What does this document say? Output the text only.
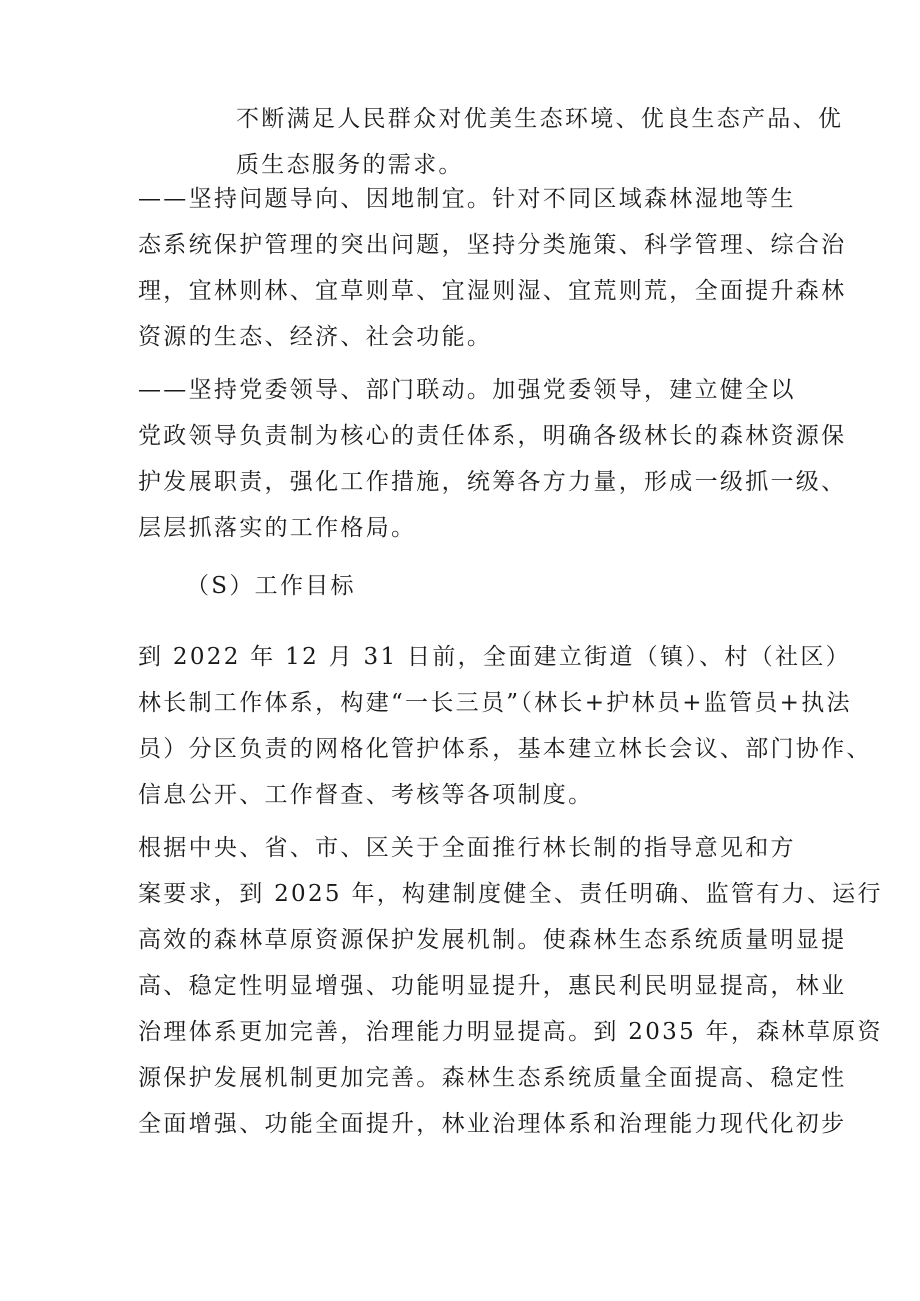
不断满足人民群众对优美生态环境、优良生态产品、优
质生态服务的需求。
——坚持问题导向、因地制宜。针对不同区域森林湿地等生
态系统保护管理的突出问题，坚持分类施策、科学管理、综合治
理，宜林则林、宜草则草、宜湿则湿、宜荒则荒，全面提升森林
资源的生态、经济、社会功能。
——坚持党委领导、部门联动。加强党委领导，建立健全以
党政领导负责制为核心的责任体系，明确各级林长的森林资源保
护发展职责，强化工作措施，统筹各方力量，形成一级抓一级、
层层抓落实的工作格局。
（S）工作目标
到 2022 年 12 月 31 日前，全面建立街道（镇）、村（社区）
林长制工作体系，构建“一长三员”（林长+护林员+监管员+执法
员）分区负责的网格化管护体系，基本建立林长会议、部门协作、
信息公开、工作督查、考核等各项制度。
根据中央、省、市、区关于全面推行林长制的指导意见和方
案要求，到 2025 年，构建制度健全、责任明确、监管有力、运行
高效的森林草原资源保护发展机制。使森林生态系统质量明显提
高、稳定性明显增强、功能明显提升，惠民利民明显提高，林业
治理体系更加完善，治理能力明显提高。到 2035 年，森林草原资
源保护发展机制更加完善。森林生态系统质量全面提高、稳定性
全面增强、功能全面提升，林业治理体系和治理能力现代化初步
